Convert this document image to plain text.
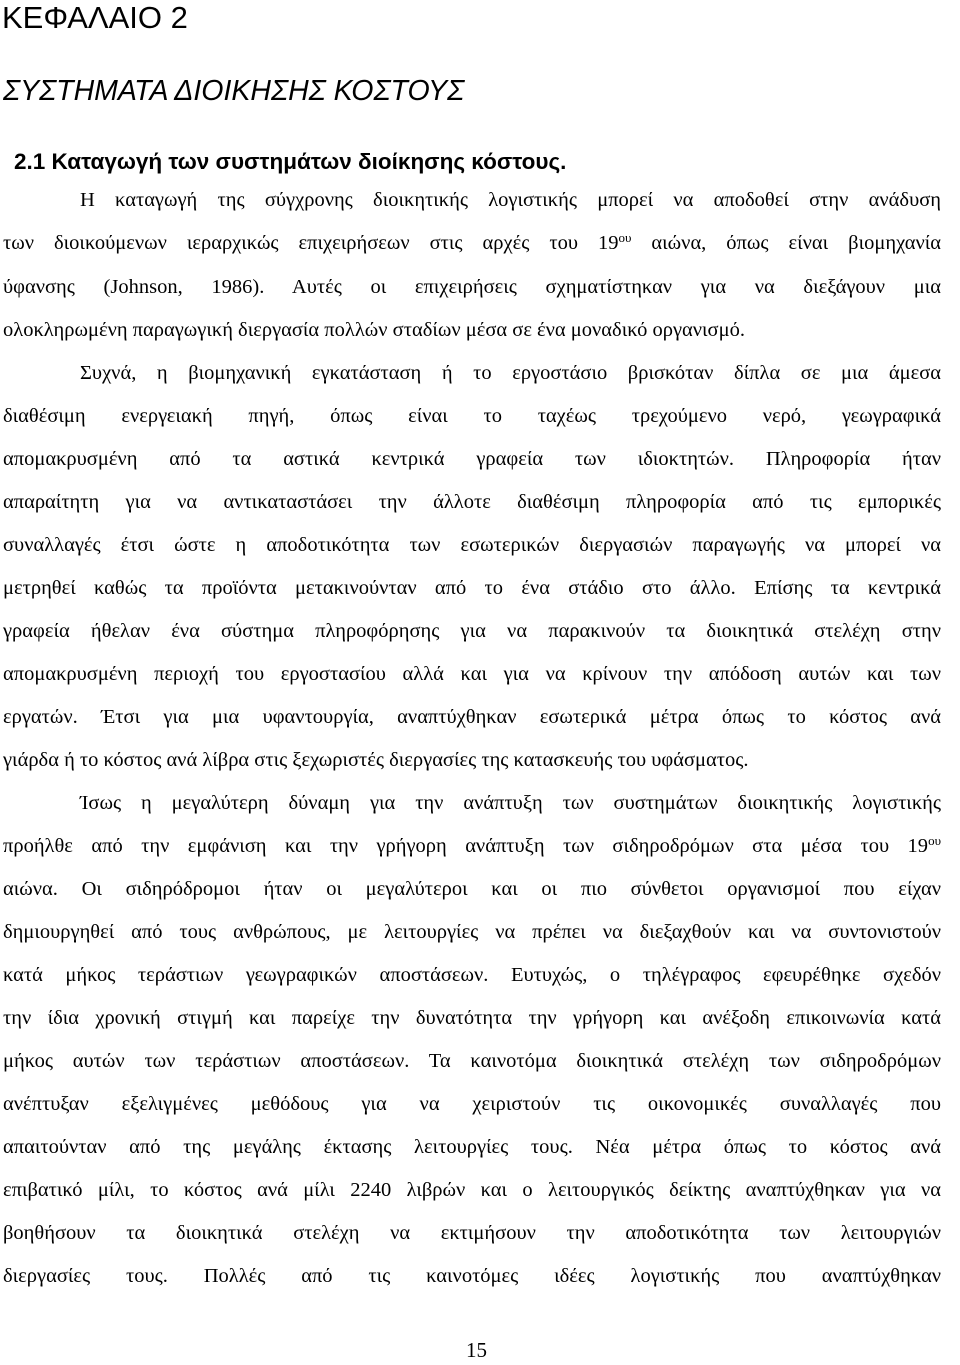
ΚΕΦΑΛΑΙΟ 2
ΣΥΣΤΗΜΑΤΑ ΔΙΟΙΚΗΣΗΣ ΚΟΣΤΟΥΣ
2.1 Καταγωγή των συστημάτων διοίκησης κόστους.
Η καταγωγή της σύγχρονης διοικητικής λογιστικής μπορεί να αποδοθεί στην ανάδυση
των διοικούμενων ιεραρχικώς επιχειρήσεων στις αρχές του $19^{o\upsilon}$ αιώνα, όπως είναι βιομηχανία
ύφανσης (Johnson, 1986). Αυτές οι επιχειρήσεις σχηματίστηκαν για να διεξάγουν μια
ολοκληρωμένη παραγωγική διεργασία πολλών σταδίων μέσα σε ένα μοναδικό οργανισμό.
Συχνά, η βιομηχανική εγκατάσταση ή το εργοστάσιο βρισκόταν δίπλα σε μια άμεσα
διαθέσιμη ενεργειακή πηγή, όπως είναι το ταχέως τρεχούμενο νερό, γεωγραφικά
απομακρυσμένη από τα αστικά κεντρικά γραφεία των ιδιοκτητών. Πληροφορία ήταν
απαραίτητη για να αντικαταστάσει την άλλοτε διαθέσιμη πληροφορία από τις εμπορικές
συναλλαγές έτσι ώστε η αποδοτικότητα των εσωτερικών διεργασιών παραγωγής να μπορεί να
μετρηθεί καθώς τα προϊόντα μετακινούνταν από το ένα στάδιο στο άλλο. Επίσης τα κεντρικά
γραφεία ήθελαν ένα σύστημα πληροφόρησης για να παρακινούν τα διοικητικά στελέχη στην
απομακρυσμένη περιοχή του εργοστασίου αλλά και για να κρίνουν την απόδοση αυτών και των
εργατών. Έτσι για μια υφαντουργία, αναπτύχθηκαν εσωτερικά μέτρα όπως το κόστος ανά
γιάρδα ή το κόστος ανά λίβρα στις ξεχωριστές διεργασίες της κατασκευής του υφάσματος.
Ίσως η μεγαλύτερη δύναμη για την ανάπτυξη των συστημάτων διοικητικής λογιστικής
προήλθε από την εμφάνιση και την γρήγορη ανάπτυξη των σιδηροδρόμων στα μέσα του $19^{o\upsilon}$
αιώνα. Οι σιδηρόδρομοι ήταν οι μεγαλύτεροι και οι πιο σύνθετοι οργανισμοί που είχαν
δημιουργηθεί από τους ανθρώπους, με λειτουργίες να πρέπει να διεξαχθούν και να συντονιστούν
κατά μήκος τεράστιων γεωγραφικών αποστάσεων. Ευτυχώς, ο τηλέγραφος εφευρέθηκε σχεδόν
την ίδια χρονική στιγμή και παρείχε την δυνατότητα την γρήγορη και ανέξοδη επικοινωνία κατά
μήκος αυτών των τεράστιων αποστάσεων. Τα καινοτόμα διοικητικά στελέχη των σιδηροδρόμων
ανέπτυξαν εξελιγμένες μεθόδους για να χειριστούν τις οικονομικές συναλλαγές που
απαιτούνταν από της μεγάλης έκτασης λειτουργίες τους. Νέα μέτρα όπως το κόστος ανά
επιβατικό μίλι, το κόστος ανά μίλι 2240 λιβρών και ο λειτουργικός δείκτης αναπτύχθηκαν για να
βοηθήσουν τα διοικητικά στελέχη να εκτιμήσουν την αποδοτικότητα των λειτουργιών
διεργασίες τους. Πολλές από τις καινοτόμες ιδέες λογιστικής που αναπτύχθηκαν
15
